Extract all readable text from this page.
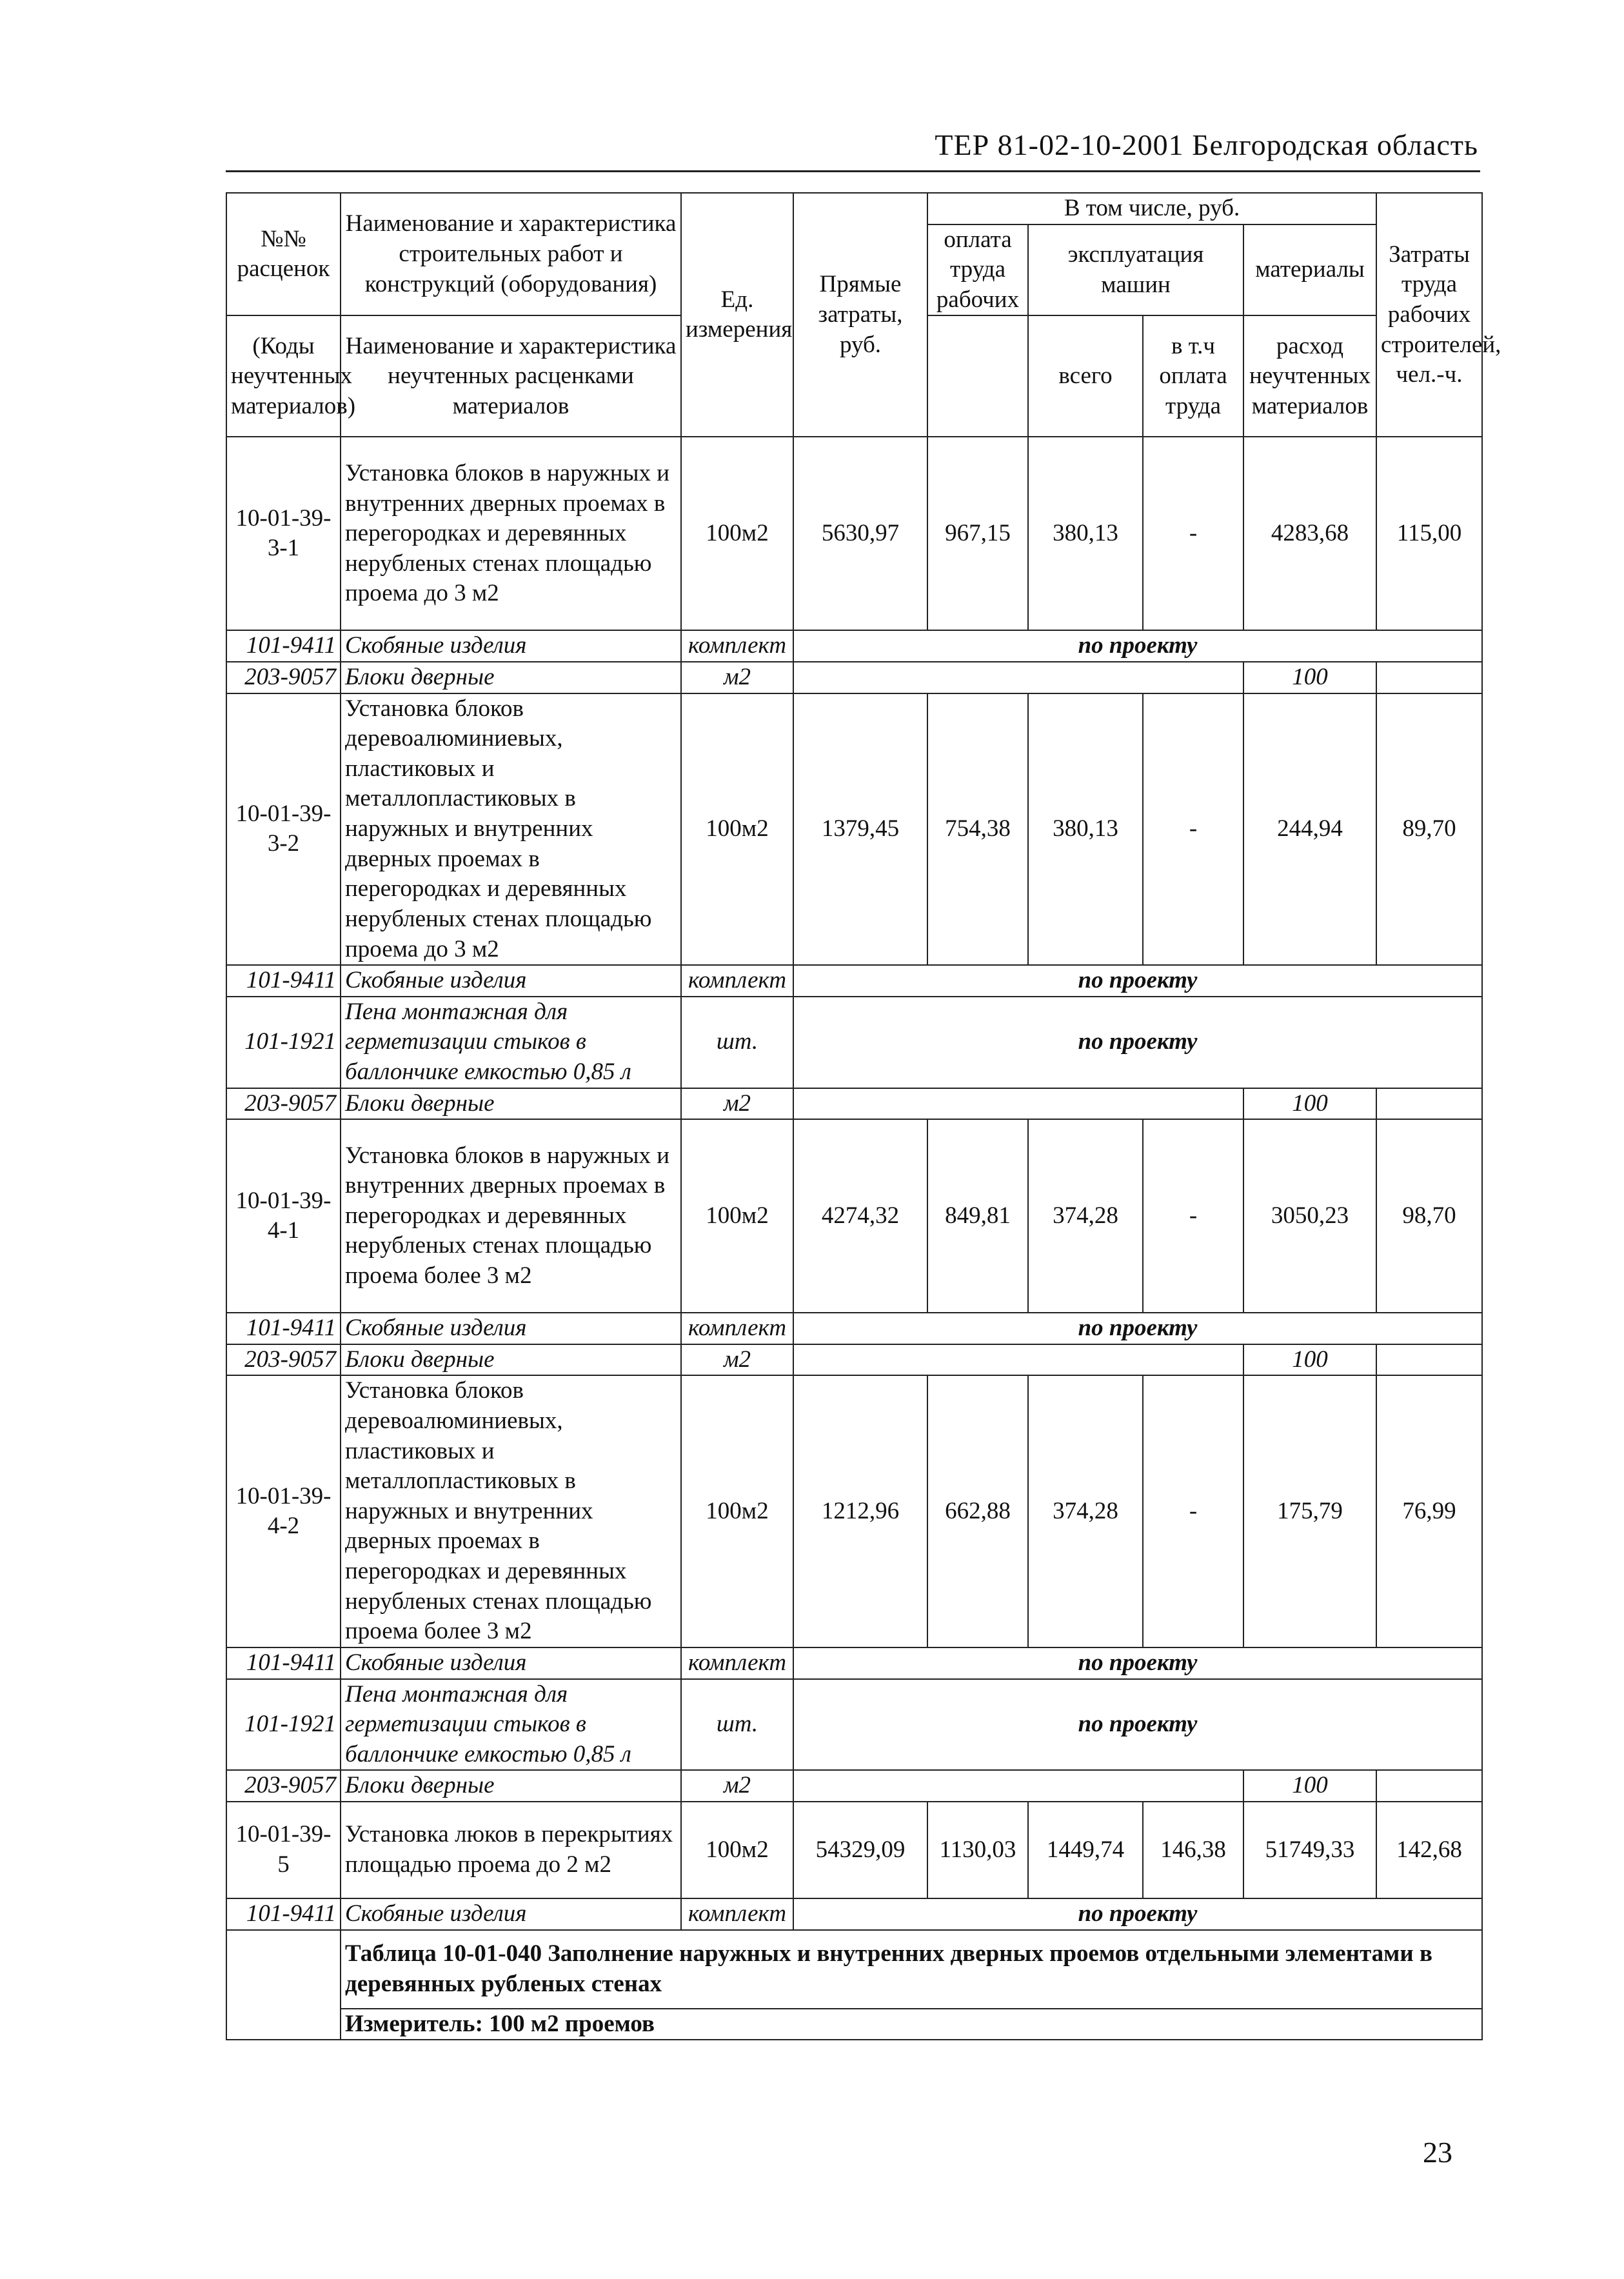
ТЕР 81-02-10-2001 Белгородская область
№№ расценок	Наименование и характеристика строительных работ и конструкций (оборудования)	Ед. измерения	Прямые затраты, руб.	В том числе, руб.				Затраты труда рабочих строителей, чел.-ч.
				оплата труда рабочих	эксплуатация машин		материалы	

(Коды неучтенных материалов)	Наименование и характеристика неучтенных расценками материалов				всего	в т.ч оплата труда	расход неучтенных материалов	

10-01-39-3-1	Установка блоков в наружных и внутренних дверных проемах в перегородках и деревянных нерубленых стенах площадью проема до 3 м2	100м2	5630,97	967,15	380,13	-	4283,68	115,00
101-9411	Скобяные изделия	комплект	по проекту					
203-9057	Блоки дверные	м2					100	
10-01-39-3-2	Установка блоков деревоалюминиевых, пластиковых и металлопластиковых в наружных и внутренних дверных проемах в перегородках и деревянных нерубленых стенах площадью проема до 3 м2	100м2	1379,45	754,38	380,13	-	244,94	89,70
101-9411	Скобяные изделия	комплект	по проекту					
101-1921	Пена монтажная для герметизации стыков в баллончике емкостью 0,85 л	шт.	по проекту					
203-9057	Блоки дверные	м2					100	
10-01-39-4-1	Установка блоков в наружных и внутренних дверных проемах в перегородках и деревянных нерубленых стенах площадью проема более 3 м2	100м2	4274,32	849,81	374,28	-	3050,23	98,70
101-9411	Скобяные изделия	комплект	по проекту					
203-9057	Блоки дверные	м2					100	
10-01-39-4-2	Установка блоков деревоалюминиевых, пластиковых и металлопластиковых в наружных и внутренних дверных проемах в перегородках и деревянных нерубленых стенах площадью проема более 3 м2	100м2	1212,96	662,88	374,28	-	175,79	76,99
101-9411	Скобяные изделия	комплект	по проекту					
101-1921	Пена монтажная для герметизации стыков в баллончике емкостью 0,85 л	шт.	по проекту					
203-9057	Блоки дверные	м2					100	
10-01-39-5	Установка люков в перекрытиях площадью проема до 2 м2	100м2	54329,09	1130,03	1449,74	146,38	51749,33	142,68
101-9411	Скобяные изделия	комплект	по проекту					
	Таблица 10-01-040 Заполнение наружных и внутренних дверных проемов отдельными элементами в деревянных рубленых стенах							
	Измеритель: 100 м2 проемов							
23
